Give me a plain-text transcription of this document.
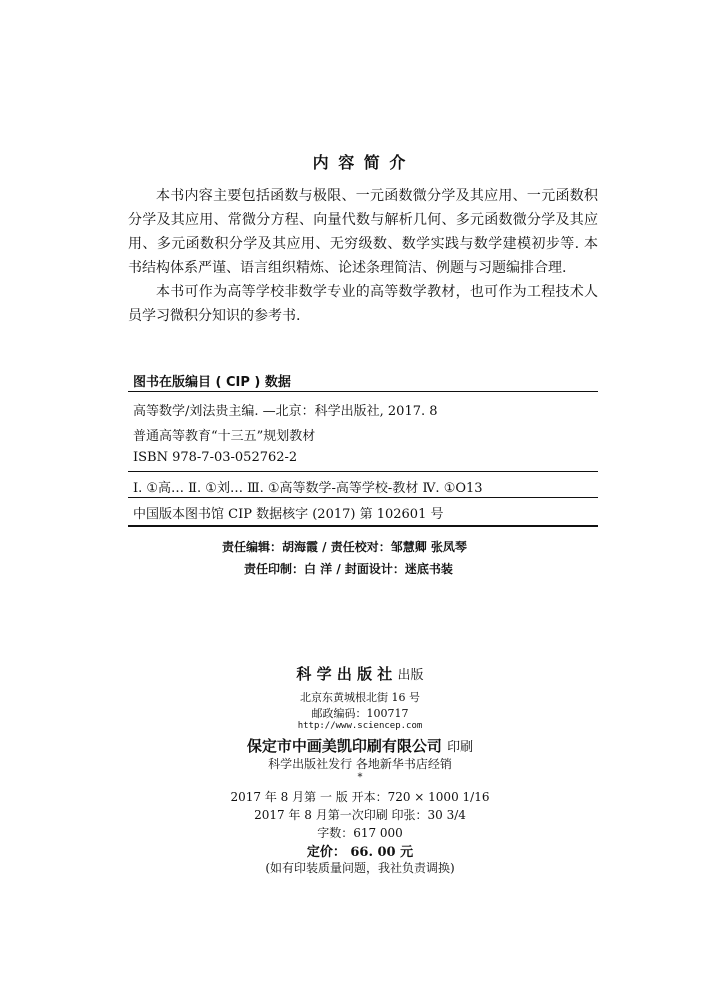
内 容 简 介

本书内容主要包括函数与极限、一元函数微分学及其应用、一元函数积分学及其应用、常微分方程、向量代数与解析几何、多元函数微分学及其应用、多元函数积分学及其应用、无穷级数、数学实践与数学建模初步等. 本书结构体系严谨、语言组织精炼、论述条理简洁、例题与习题编排合理.

本书可作为高等学校非数学专业的高等数学教材，也可作为工程技术人员学习微积分知识的参考书.

图书在版编目 ( CIP ) 数据
高等数学/刘法贵主编. —北京：科学出版社, 2017. 8
普通高等教育“十三五”规划教材
ISBN 978-7-03-052762-2
Ⅰ. ①高… Ⅱ. ①刘… Ⅲ. ①高等数学-高等学校-教材 Ⅳ. ①O13
中国版本图书馆 CIP 数据核字 (2017) 第 102601 号
责任编辑：胡海霞 / 责任校对：邹慧卿 张凤琴
责任印制：白 洋 / 封面设计：迷底书装
科 学 出 版 社 出版
北京东黄城根北街 16 号
邮政编码：100717
http://www.sciencep.com
保定市中画美凯印刷有限公司 印刷
科学出版社发行 各地新华书店经销
*
2017 年 8 月第 一 版 开本：720 × 1000 1/16
2017 年 8 月第一次印刷 印张：30 3/4
字数：617 000
定价： 66. 00 元
(如有印装质量问题，我社负责调换)
